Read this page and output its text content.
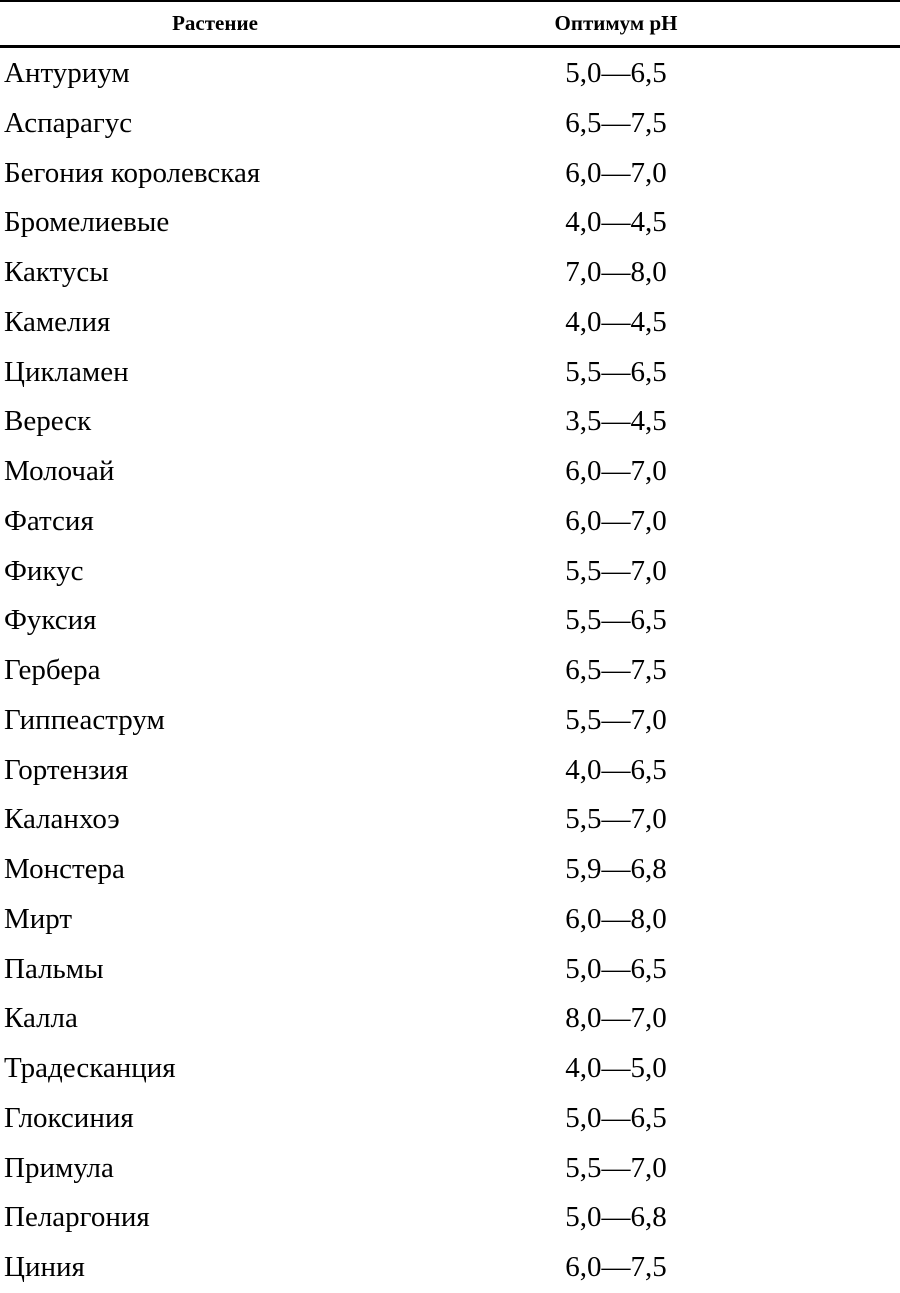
Растение	Оптимум pH
Антуриум	5,0—6,5
Аспарагус	6,5—7,5
Бегония королевская	6,0—7,0
Бромелиевые	4,0—4,5
Кактусы	7,0—8,0
Камелия	4,0—4,5
Цикламен	5,5—6,5
Вереск	3,5—4,5
Молочай	6,0—7,0
Фатсия	6,0—7,0
Фикус	5,5—7,0
Фуксия	5,5—6,5
Гербера	6,5—7,5
Гиппеаструм	5,5—7,0
Гортензия	4,0—6,5
Каланхоэ	5,5—7,0
Монстера	5,9—6,8
Мирт	6,0—8,0
Пальмы	5,0—6,5
Калла	8,0—7,0
Традесканция	4,0—5,0
Глоксиния	5,0—6,5
Примула	5,5—7,0
Пеларгония	5,0—6,8
Циния	6,0—7,5
